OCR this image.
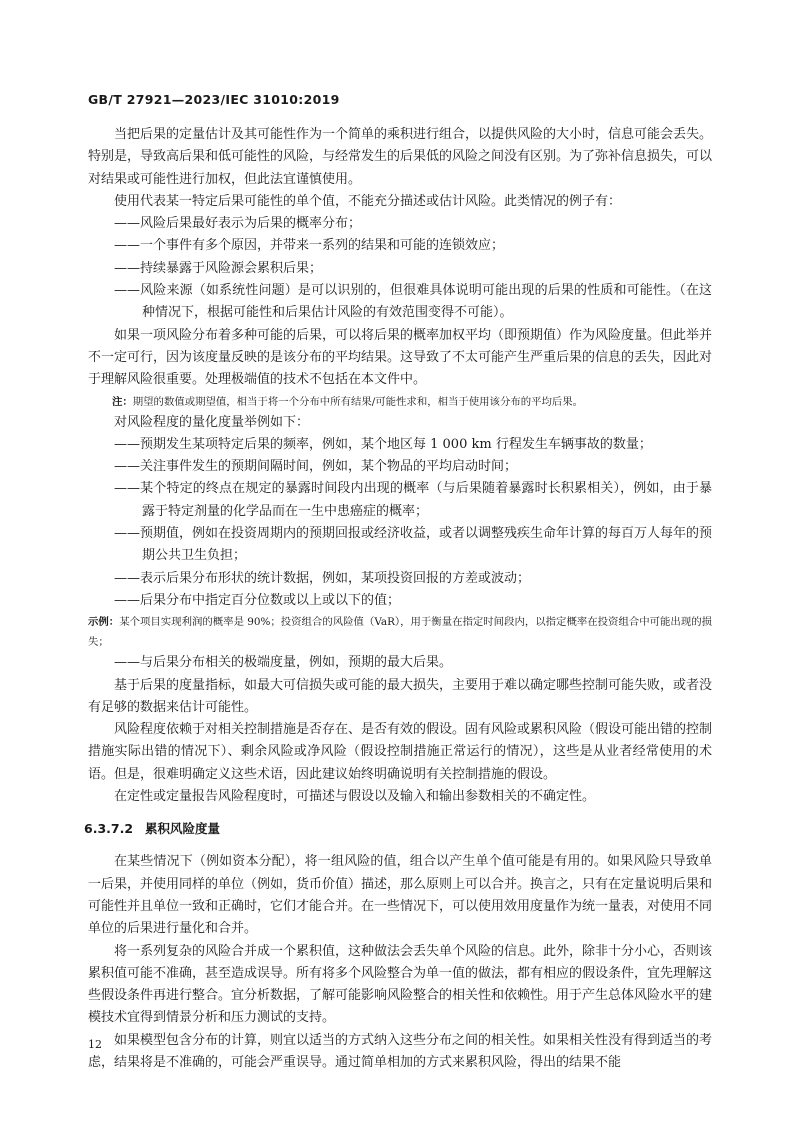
GB/T 27921—2023/IEC 31010:2019

当把后果的定量估计及其可能性作为一个简单的乘积进行组合，以提供风险的大小时，信息可能会丢失。特别是，导致高后果和低可能性的风险，与经常发生的后果低的风险之间没有区别。为了弥补信息损失，可以对结果或可能性进行加权，但此法宜谨慎使用。

使用代表某一特定后果可能性的单个值，不能充分描述或估计风险。此类情况的例子有：

——风险后果最好表示为后果的概率分布；

——一个事件有多个原因，并带来一系列的结果和可能的连锁效应；

——持续暴露于风险源会累积后果；

——风险来源（如系统性问题）是可以识别的，但很难具体说明可能出现的后果的性质和可能性。（在这种情况下，根据可能性和后果估计风险的有效范围变得不可能）。

如果一项风险分布着多种可能的后果，可以将后果的概率加权平均（即预期值）作为风险度量。但此举并不一定可行，因为该度量反映的是该分布的平均结果。这导致了不太可能产生严重后果的信息的丢失，因此对于理解风险很重要。处理极端值的技术不包括在本文件中。

注：期望的数值或期望值，相当于将一个分布中所有结果/可能性求和，相当于使用该分布的平均后果。

对风险程度的量化度量举例如下：

——预期发生某项特定后果的频率，例如，某个地区每 1 000 km 行程发生车辆事故的数量；

——关注事件发生的预期间隔时间，例如，某个物品的平均启动时间；

——某个特定的终点在规定的暴露时间段内出现的概率（与后果随着暴露时长积累相关），例如，由于暴露于特定剂量的化学品而在一生中患癌症的概率；

——预期值，例如在投资周期内的预期回报或经济收益，或者以调整残疾生命年计算的每百万人每年的预期公共卫生负担；

——表示后果分布形状的统计数据，例如，某项投资回报的方差或波动；

——后果分布中指定百分位数或以上或以下的值；

示例：某个项目实现利润的概率是 90%；投资组合的风险值（VaR），用于衡量在指定时间段内，以指定概率在投资组合中可能出现的损失；

——与后果分布相关的极端度量，例如，预期的最大后果。

基于后果的度量指标，如最大可信损失或可能的最大损失，主要用于难以确定哪些控制可能失败，或者没有足够的数据来估计可能性。

风险程度依赖于对相关控制措施是否存在、是否有效的假设。固有风险或累积风险（假设可能出错的控制措施实际出错的情况下）、剩余风险或净风险（假设控制措施正常运行的情况），这些是从业者经常使用的术语。但是，很难明确定义这些术语，因此建议始终明确说明有关控制措施的假设。

在定性或定量报告风险程度时，可描述与假设以及输入和输出参数相关的不确定性。

6.3.7.2 累积风险度量

在某些情况下（例如资本分配），将一组风险的值，组合以产生单个值可能是有用的。如果风险只导致单一后果，并使用同样的单位（例如，货币价值）描述，那么原则上可以合并。换言之，只有在定量说明后果和可能性并且单位一致和正确时，它们才能合并。在一些情况下，可以使用效用度量作为统一量表，对使用不同单位的后果进行量化和合并。

将一系列复杂的风险合并成一个累积值，这种做法会丢失单个风险的信息。此外，除非十分小心，否则该累积值可能不准确，甚至造成误导。所有将多个风险整合为单一值的做法，都有相应的假设条件，宜先理解这些假设条件再进行整合。宜分析数据，了解可能影响风险整合的相关性和依赖性。用于产生总体风险水平的建模技术宜得到情景分析和压力测试的支持。

如果模型包含分布的计算，则宜以适当的方式纳入这些分布之间的相关性。如果相关性没有得到适当的考虑，结果将是不准确的，可能会严重误导。通过简单相加的方式来累积风险，得出的结果不能

12
